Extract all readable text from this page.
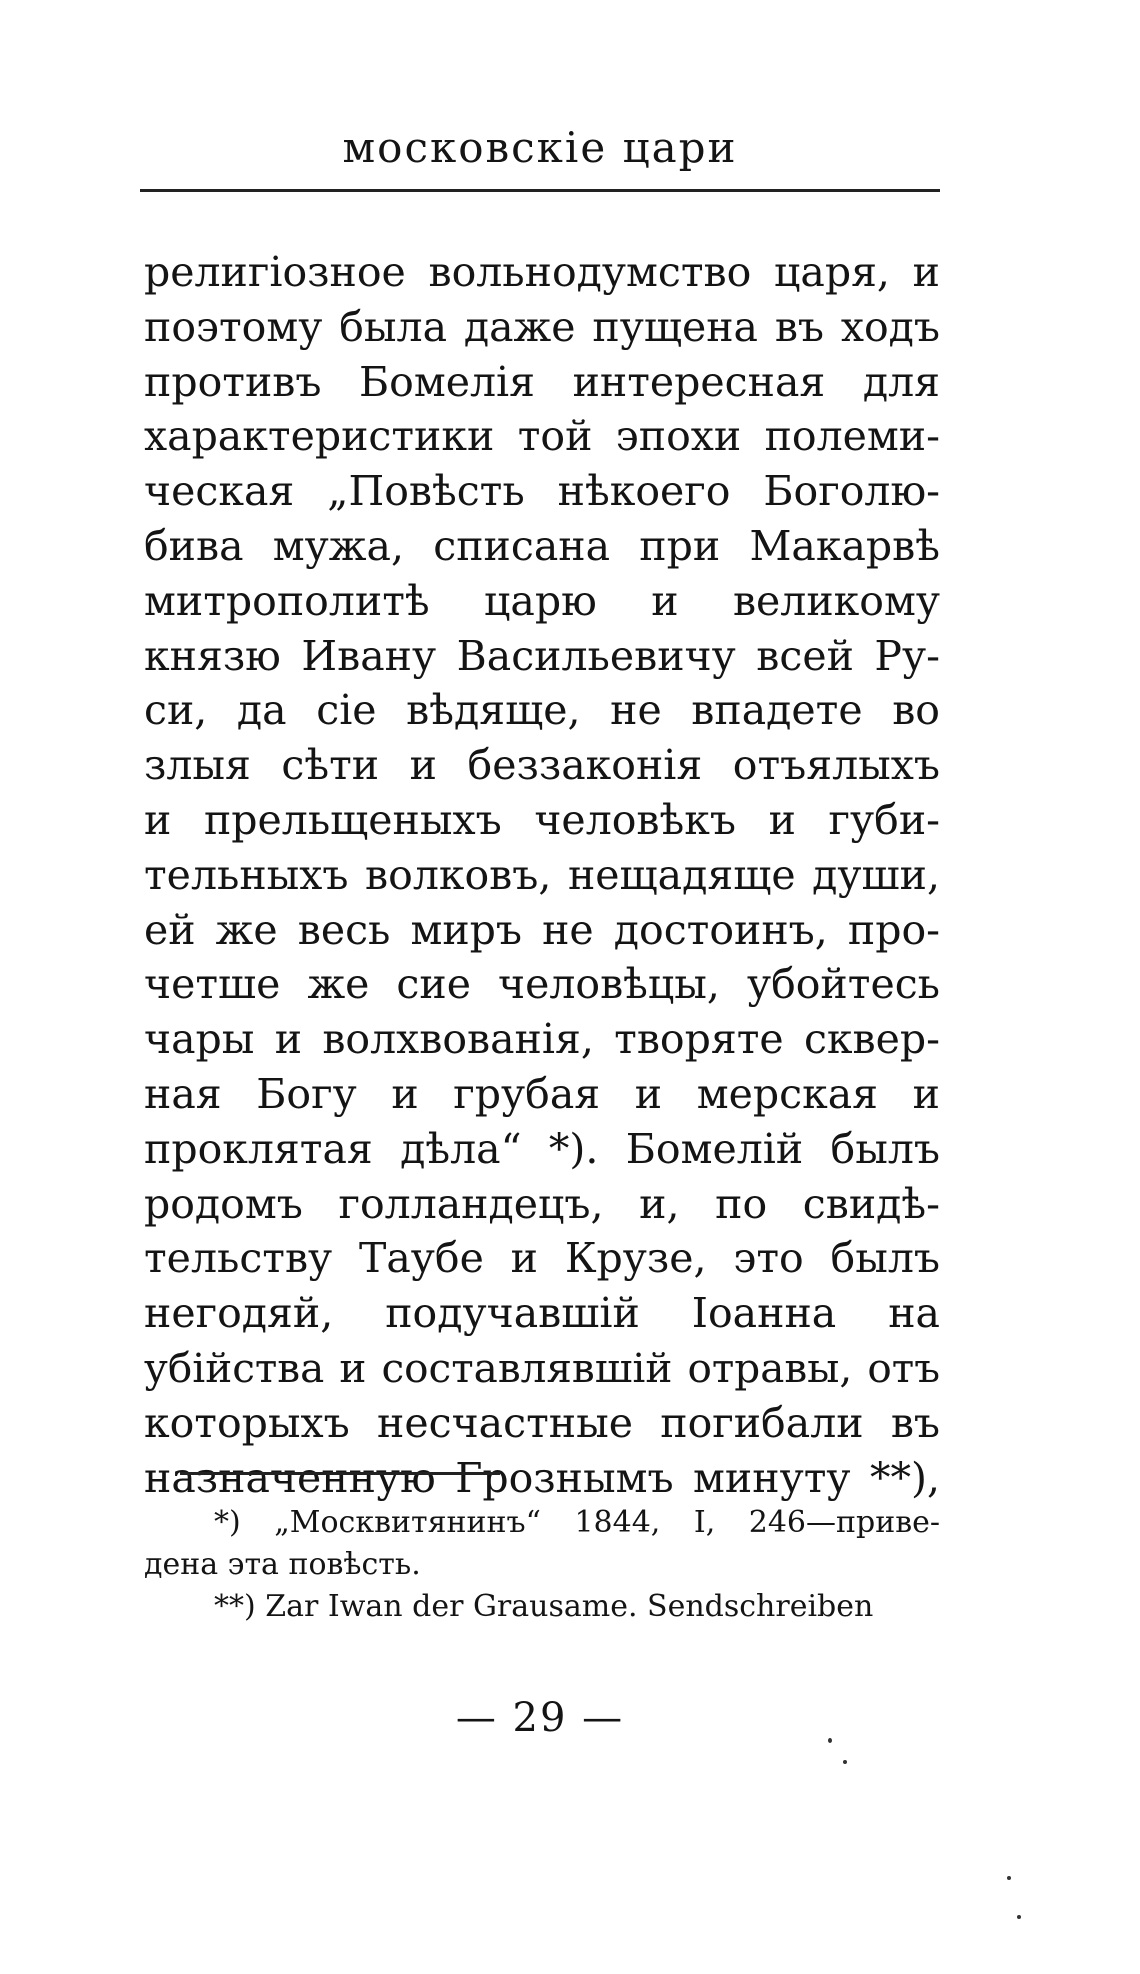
московскіе цари
религіозное вольнодумство царя, и
поэтому была даже пущена въ ходъ
противъ Бомелія интересная для
характеристики той эпохи полеми-
ческая „Повѣсть нѣкоего Боголю-
бива мужа, списана при Макарвѣ
митрополитѣ царю и великому
князю Ивану Васильевичу всей Ру-
си, да сіе вѣдяще, не впадете во
злыя сѣти и беззаконія отъялыхъ
и прельщеныхъ человѣкъ и губи-
тельныхъ волковъ, нещадяще души,
ей же весь миръ не достоинъ, про-
четше же сие человѣцы, убойтесь
чары и волхвованія, творяте сквер-
ная Богу и грубая и мерская и
проклятая дѣла“ *). Бомелій былъ
родомъ голландецъ, и, по свидѣ-
тельству Таубе и Крузе, это былъ
негодяй, подучавшій Іоанна на
убійства и составлявшій отравы, отъ
которыхъ несчастные погибали въ
назначенную Грознымъ минуту **),
*) „Москвитянинъ“ 1844, I, 246—приве-
дена эта повѣсть.
**) Zar Iwan der Grausame. Sendschreiben
— 29 —
